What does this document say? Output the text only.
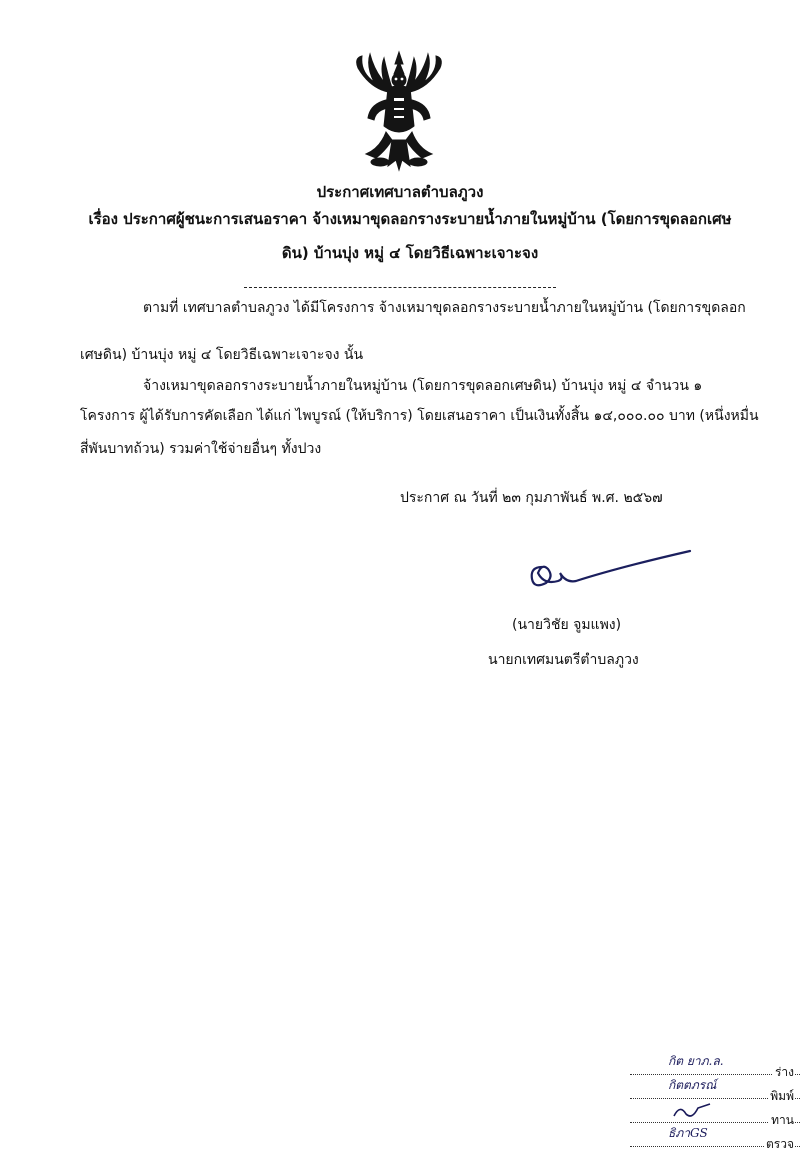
ประกาศเทศบาลตำบลภูวง
เรื่อง ประกาศผู้ชนะการเสนอราคา จ้างเหมาขุดลอกรางระบายน้ำภายในหมู่บ้าน (โดยการขุดลอกเศษดิน) บ้านบุ่ง หมู่ ๔ โดยวิธีเฉพาะเจาะจง
ตามที่ เทศบาลตำบลภูวง ได้มีโครงการ จ้างเหมาขุดลอกรางระบายน้ำภายในหมู่บ้าน (โดยการขุดลอก
เศษดิน) บ้านบุ่ง หมู่ ๔ โดยวิธีเฉพาะเจาะจง นั้น
จ้างเหมาขุดลอกรางระบายน้ำภายในหมู่บ้าน (โดยการขุดลอกเศษดิน) บ้านบุ่ง หมู่ ๔ จำนวน ๑
โครงการ ผู้ได้รับการคัดเลือก ได้แก่ ไพบูรณ์ (ให้บริการ) โดยเสนอราคา เป็นเงินทั้งสิ้น ๑๔,๐๐๐.๐๐ บาท (หนึ่งหมื่น
สี่พันบาทถ้วน) รวมค่าใช้จ่ายอื่นๆ ทั้งปวง
ประกาศ ณ วันที่ ๒๓ กุมภาพันธ์ พ.ศ. ๒๕๖๗
(นายวิชัย จูมแพง)
นายกเทศมนตรีตำบลภูวง
กิต ยาภ.ล.
ร่าง
กิตตภรณ์
พิมพ์
ทาน
ธิภาGS
ตรวจ
